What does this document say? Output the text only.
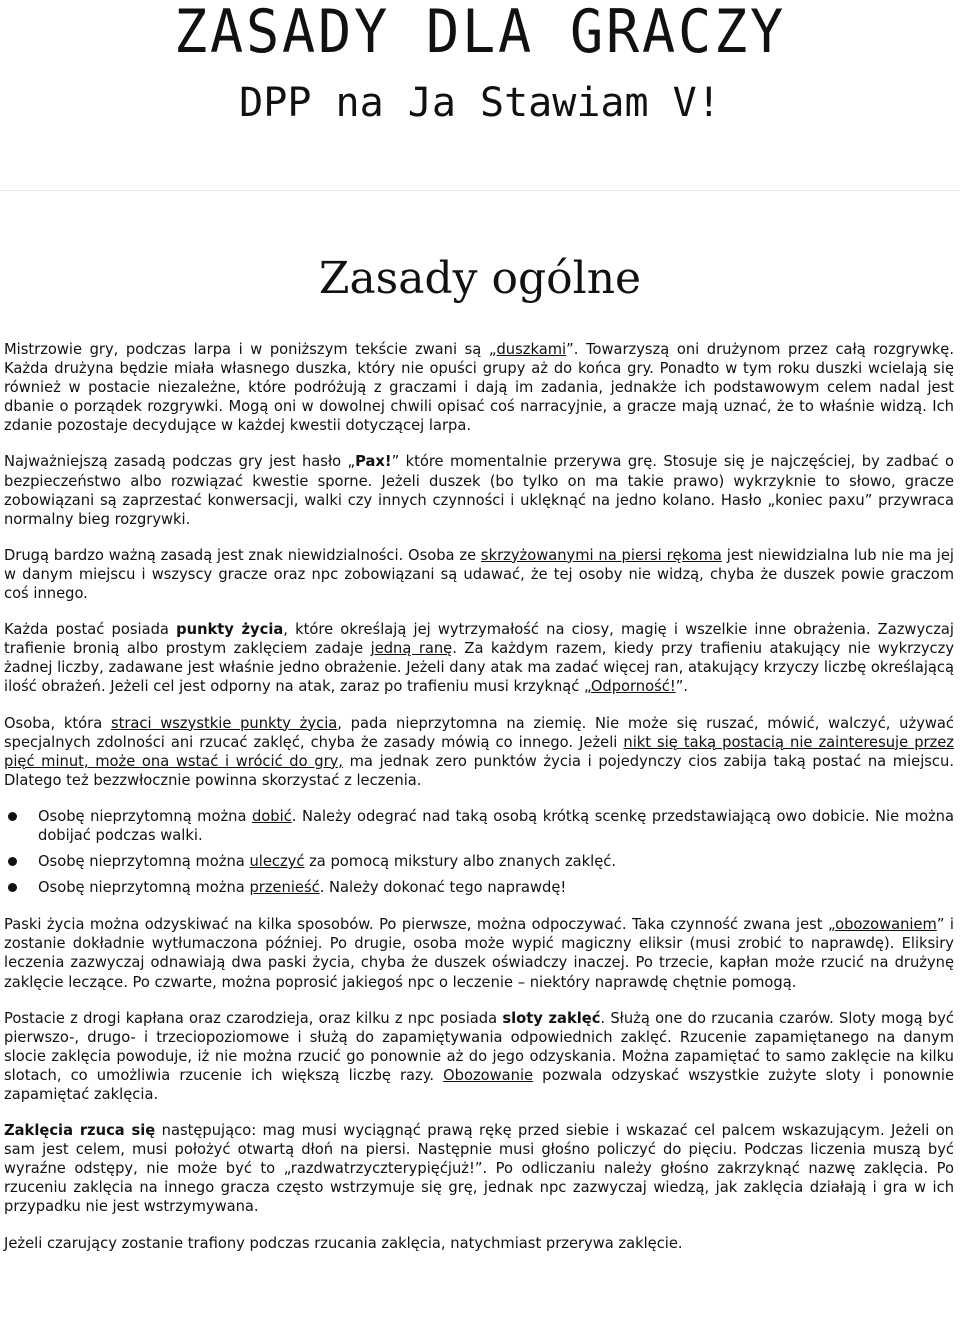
ZASADY DLA GRACZY
DPP na Ja Stawiam V!
Zasady ogólne

Mistrzowie gry, podczas larpa i w poniższym tekście zwani są „duszkami”. Towarzyszą oni drużynom przez całą rozgrywkę. Każda drużyna będzie miała własnego duszka, który nie opuści grupy aż do końca gry. Ponadto w tym roku duszki wcielają się również w postacie niezależne, które podróżują z graczami i dają im zadania, jednakże ich podstawowym celem nadal jest dbanie o porządek rozgrywki. Mogą oni w dowolnej chwili opisać coś narracyjnie, a gracze mają uznać, że to właśnie widzą. Ich zdanie pozostaje decydujące w każdej kwestii dotyczącej larpa.

Najważniejszą zasadą podczas gry jest hasło „Pax!” które momentalnie przerywa grę. Stosuje się je najczęściej, by zadbać o bezpieczeństwo albo rozwiązać kwestie sporne. Jeżeli duszek (bo tylko on ma takie prawo) wykrzyknie to słowo, gracze zobowiązani są zaprzestać konwersacji, walki czy innych czynności i uklęknąć na jedno kolano. Hasło „koniec paxu” przywraca normalny bieg rozgrywki.

Drugą bardzo ważną zasadą jest znak niewidzialności. Osoba ze skrzyżowanymi na piersi rękoma jest niewidzialna lub nie ma jej w danym miejscu i wszyscy gracze oraz npc zobowiązani są udawać, że tej osoby nie widzą, chyba że duszek powie graczom coś innego.

Każda postać posiada punkty życia, które określają jej wytrzymałość na ciosy, magię i wszelkie inne obrażenia. Zazwyczaj trafienie bronią albo prostym zaklęciem zadaje jedną ranę. Za każdym razem, kiedy przy trafieniu atakujący nie wykrzyczy żadnej liczby, zadawane jest właśnie jedno obrażenie. Jeżeli dany atak ma zadać więcej ran, atakujący krzyczy liczbę określającą ilość obrażeń. Jeżeli cel jest odporny na atak, zaraz po trafieniu musi krzyknąć „Odporność!”.

Osoba, która straci wszystkie punkty życia, pada nieprzytomna na ziemię. Nie może się ruszać, mówić, walczyć, używać specjalnych zdolności ani rzucać zaklęć, chyba że zasady mówią co innego. Jeżeli nikt się taką postacią nie zainteresuje przez pięć minut, może ona wstać i wrócić do gry, ma jednak zero punktów życia i pojedynczy cios zabija taką postać na miejscu. Dlatego też bezzwłocznie powinna skorzystać z leczenia.

Osobę nieprzytomną można dobić. Należy odegrać nad taką osobą krótką scenkę przedstawiającą owo dobicie. Nie można dobijać podczas walki.
Osobę nieprzytomną można uleczyć za pomocą mikstury albo znanych zaklęć.
Osobę nieprzytomną można przenieść. Należy dokonać tego naprawdę!

Paski życia można odzyskiwać na kilka sposobów. Po pierwsze, można odpoczywać. Taka czynność zwana jest „obozowaniem” i zostanie dokładnie wytłumaczona później. Po drugie, osoba może wypić magiczny eliksir (musi zrobić to naprawdę). Eliksiry leczenia zazwyczaj odnawiają dwa paski życia, chyba że duszek oświadczy inaczej. Po trzecie, kapłan może rzucić na drużynę zaklęcie leczące. Po czwarte, można poprosić jakiegoś npc o leczenie – niektóry naprawdę chętnie pomogą.

Postacie z drogi kapłana oraz czarodzieja, oraz kilku z npc posiada sloty zaklęć. Służą one do rzucania czarów. Sloty mogą być pierwszo-, drugo- i trzeciopoziomowe i służą do zapamiętywania odpowiednich zaklęć. Rzucenie zapamiętanego na danym slocie zaklęcia powoduje, iż nie można rzucić go ponownie aż do jego odzyskania. Można zapamiętać to samo zaklęcie na kilku slotach, co umożliwia rzucenie ich większą liczbę razy. Obozowanie pozwala odzyskać wszystkie zużyte sloty i ponownie zapamiętać zaklęcia.

Zaklęcia rzuca się następująco: mag musi wyciągnąć prawą rękę przed siebie i wskazać cel palcem wskazującym. Jeżeli on sam jest celem, musi położyć otwartą dłoń na piersi. Następnie musi głośno policzyć do pięciu. Podczas liczenia muszą być wyraźne odstępy, nie może być to „razdwatrzyczterypięćjuż!”. Po odliczaniu należy głośno zakrzyknąć nazwę zaklęcia. Po rzuceniu zaklęcia na innego gracza często wstrzymuje się grę, jednak npc zazwyczaj wiedzą, jak zaklęcia działają i gra w ich przypadku nie jest wstrzymywana.

Jeżeli czarujący zostanie trafiony podczas rzucania zaklęcia, natychmiast przerywa zaklęcie.
